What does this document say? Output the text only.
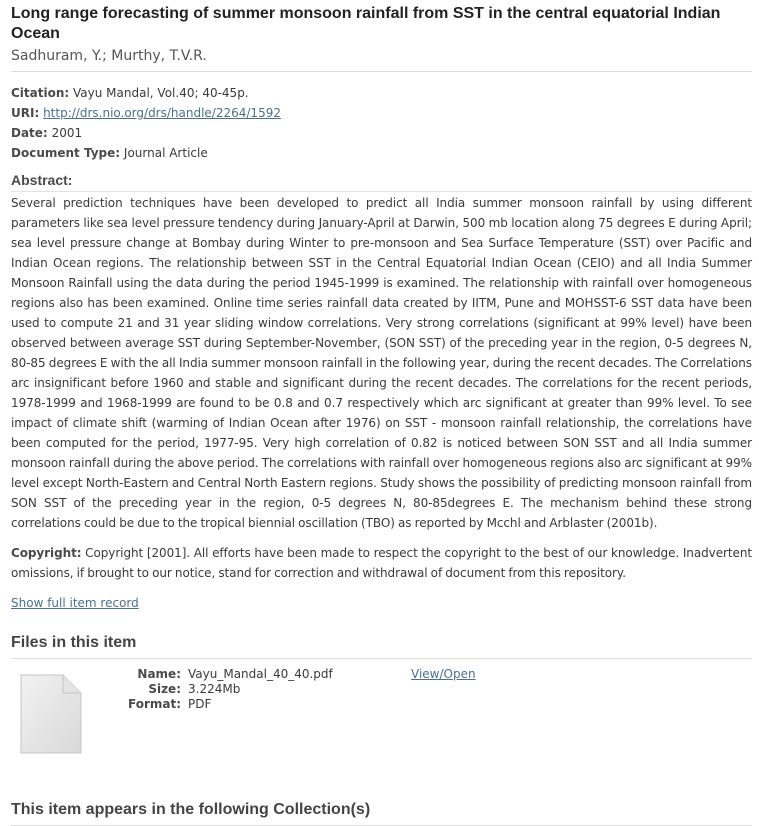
Long range forecasting of summer monsoon rainfall from SST in the central equatorial Indian Ocean
Sadhuram, Y.; Murthy, T.V.R.
Citation: Vayu Mandal, Vol.40; 40-45p.
URI: http://drs.nio.org/drs/handle/2264/1592
Date: 2001
Document Type: Journal Article
Abstract:
Several prediction techniques have been developed to predict all India summer monsoon rainfall by using different parameters like sea level pressure tendency during January-April at Darwin, 500 mb location along 75 degrees E during April; sea level pressure change at Bombay during Winter to pre-monsoon and Sea Surface Temperature (SST) over Pacific and Indian Ocean regions. The relationship between SST in the Central Equatorial Indian Ocean (CEIO) and all India Summer Monsoon Rainfall using the data during the period 1945-1999 is examined. The relationship with rainfall over homogeneous regions also has been examined. Online time series rainfall data created by IITM, Pune and MOHSST-6 SST data have been used to compute 21 and 31 year sliding window correlations. Very strong correlations (significant at 99% level) have been observed between average SST during September-November, (SON SST) of the preceding year in the region, 0-5 degrees N, 80-85 degrees E with the all India summer monsoon rainfall in the following year, during the recent decades. The Correlations arc insignificant before 1960 and stable and significant during the recent decades. The correlations for the recent periods, 1978-1999 and 1968-1999 are found to be 0.8 and 0.7 respectively which arc significant at greater than 99% level. To see impact of climate shift (warming of Indian Ocean after 1976) on SST - monsoon rainfall relationship, the correlations have been computed for the period, 1977-95. Very high correlation of 0.82 is noticed between SON SST and all India summer monsoon rainfall during the above period. The correlations with rainfall over homogeneous regions also arc significant at 99% level except North-Eastern and Central North Eastern regions. Study shows the possibility of predicting monsoon rainfall from SON SST of the preceding year in the region, 0-5 degrees N, 80-85degrees E. The mechanism behind these strong correlations could be due to the tropical biennial oscillation (TBO) as reported by Mcchl and Arblaster (2001b).
Copyright: Copyright [2001]. All efforts have been made to respect the copyright to the best of our knowledge. Inadvertent omissions, if brought to our notice, stand for correction and withdrawal of document from this repository.
Show full item record
Files in this item
Name: Vayu_Mandal_40_40.pdf
Size: 3.224Mb
Format: PDF
View/Open
This item appears in the following Collection(s)
